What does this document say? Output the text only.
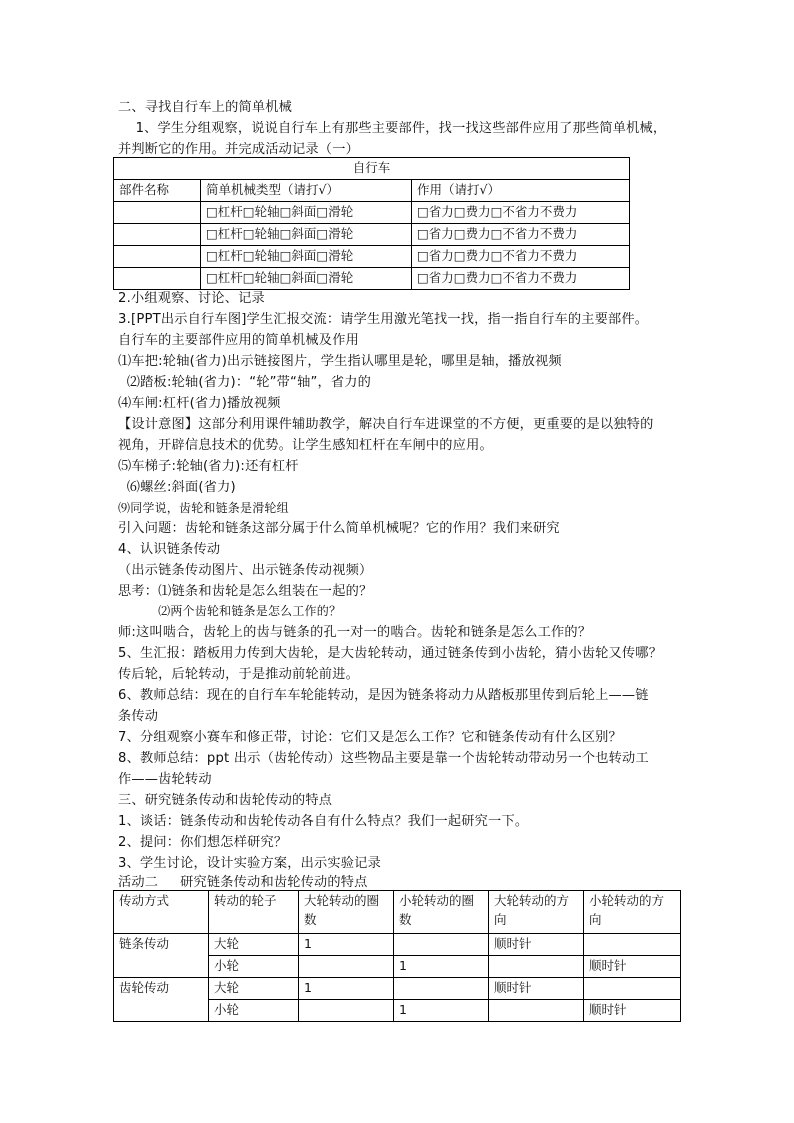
二、寻找自行车上的简单机械
1、学生分组观察，说说自行车上有那些主要部件，找一找这些部件应用了那些简单机械，
并判断它的作用。并完成活动记录（一）
自行车		
部件名称	简单机械类型（请打√）	作用（请打√）
	□杠杆□轮轴□斜面□滑轮	□省力□费力□不省力不费力
	□杠杆□轮轴□斜面□滑轮	□省力□费力□不省力不费力
	□杠杆□轮轴□斜面□滑轮	□省力□费力□不省力不费力
	□杠杆□轮轴□斜面□滑轮	□省力□费力□不省力不费力
2.小组观察、讨论、记录
3.[PPT出示自行车图]学生汇报交流：请学生用激光笔找一找，指一指自行车的主要部件。
自行车的主要部件应用的简单机械及作用
⑴车把:轮轴(省力)出示链接图片，学生指认哪里是轮，哪里是轴，播放视频
⑵踏板:轮轴(省力)：“轮”带“轴”，省力的
⑷车闸:杠杆(省力)播放视频
【设计意图】这部分利用课件辅助教学，解决自行车进课堂的不方便，更重要的是以独特的
视角，开辟信息技术的优势。让学生感知杠杆在车闸中的应用。
⑸车梯子:轮轴(省力):还有杠杆
⑹螺丝:斜面(省力)
⑼同学说，齿轮和链条是滑轮组
引入问题：齿轮和链条这部分属于什么简单机械呢？它的作用？我们来研究
4、认识链条传动
（出示链条传动图片、出示链条传动视频）
思考：⑴链条和齿轮是怎么组装在一起的？
⑵两个齿轮和链条是怎么工作的？
师:这叫啮合，齿轮上的齿与链条的孔一对一的啮合。齿轮和链条是怎么工作的？
5、生汇报：踏板用力传到大齿轮，是大齿轮转动，通过链条传到小齿轮，猜小齿轮又传哪？
传后轮，后轮转动，于是推动前轮前进。
6、教师总结：现在的自行车车轮能转动，是因为链条将动力从踏板那里传到后轮上——链
条传动
7、分组观察小赛车和修正带，讨论：它们又是怎么工作？它和链条传动有什么区别？
8、教师总结：ppt 出示（齿轮传动）这些物品主要是靠一个齿轮转动带动另一个也转动工
作——齿轮转动
三、研究链条传动和齿轮传动的特点
1、谈话：链条传动和齿轮传动各自有什么特点？我们一起研究一下。
2、提问：你们想怎样研究？
3、学生讨论，设计实验方案，出示实验记录
活动二     研究链条传动和齿轮传动的特点
传动方式	转动的轮子	大轮转动的圈数	小轮转动的圈数	大轮转动的方向	小轮转动的方向
链条传动	大轮	1		顺时针	
	小轮		1		顺时针
齿轮传动	大轮	1		顺时针	
	小轮		1		顺时针
